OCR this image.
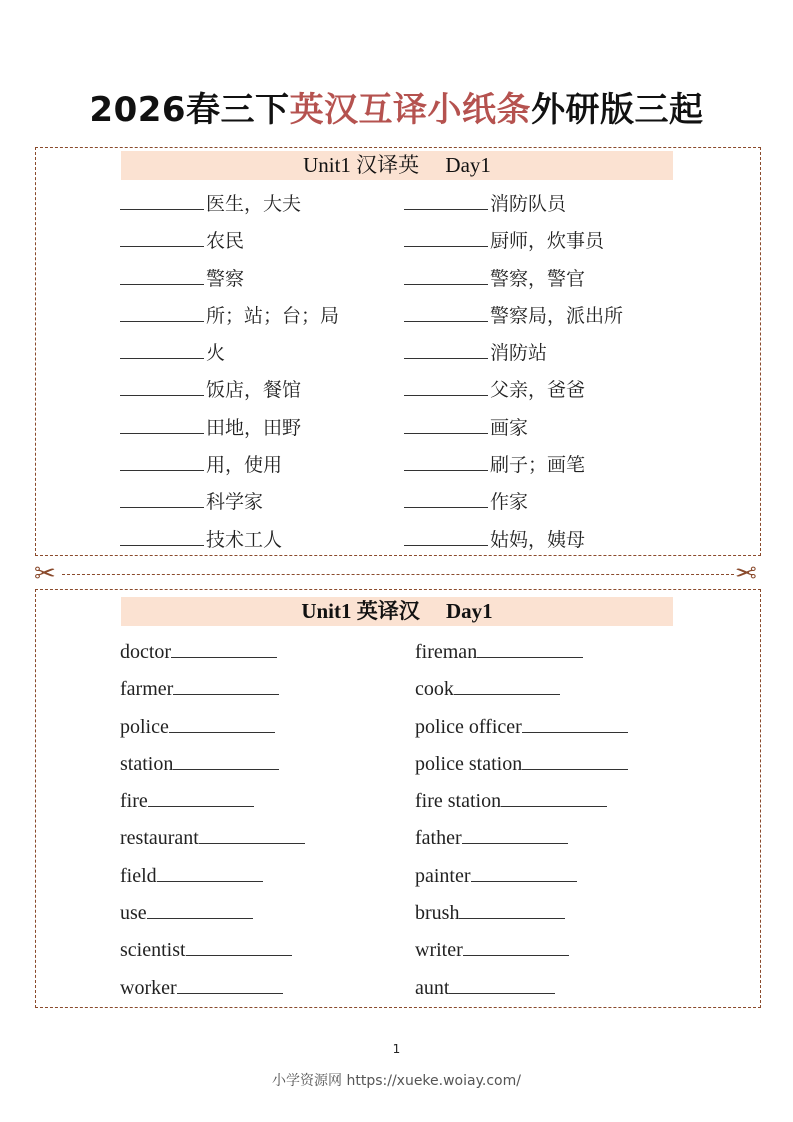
2026春三下英汉互译小纸条外研版三起
Unit1 汉译英     Day1
医生，大夫
农民
警察
所；站；台；局
火
饭店，餐馆
田地，田野
用，使用
科学家
技术工人
消防队员
厨师，炊事员
警察，警官
警察局，派出所
消防站
父亲，爸爸
画家
刷子；画笔
作家
姑妈，姨母
✂	✂
Unit1 英译汉     Day1
doctor
farmer
police
station
fire
restaurant
field
use
scientist
worker
fireman
cook
police officer
police station
fire station
father
painter
brush
writer
aunt
1
小学资源网 https://xueke.woiay.com/
